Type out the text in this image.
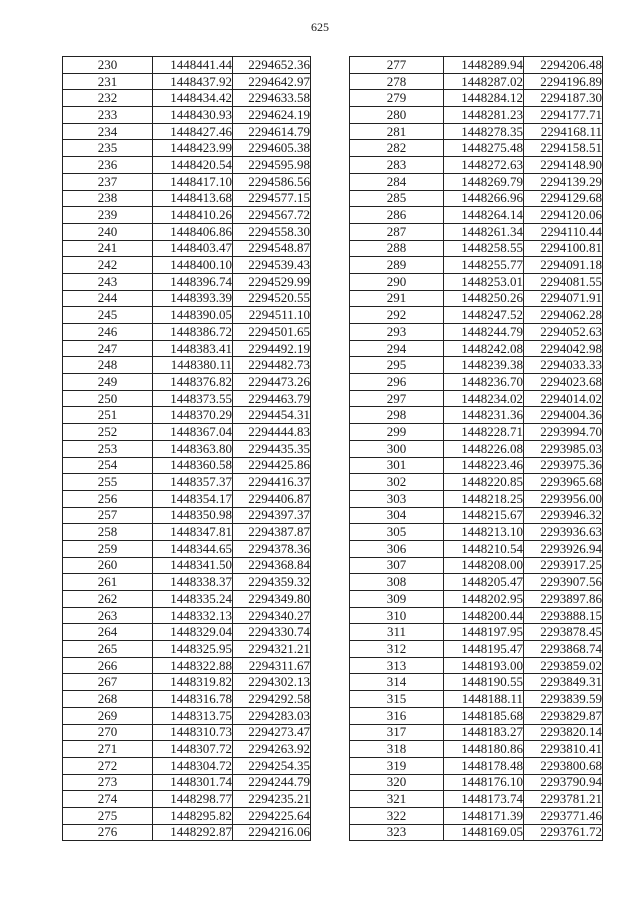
625
230	1448441.44	2294652.36
231	1448437.92	2294642.97
232	1448434.42	2294633.58
233	1448430.93	2294624.19
234	1448427.46	2294614.79
235	1448423.99	2294605.38
236	1448420.54	2294595.98
237	1448417.10	2294586.56
238	1448413.68	2294577.15
239	1448410.26	2294567.72
240	1448406.86	2294558.30
241	1448403.47	2294548.87
242	1448400.10	2294539.43
243	1448396.74	2294529.99
244	1448393.39	2294520.55
245	1448390.05	2294511.10
246	1448386.72	2294501.65
247	1448383.41	2294492.19
248	1448380.11	2294482.73
249	1448376.82	2294473.26
250	1448373.55	2294463.79
251	1448370.29	2294454.31
252	1448367.04	2294444.83
253	1448363.80	2294435.35
254	1448360.58	2294425.86
255	1448357.37	2294416.37
256	1448354.17	2294406.87
257	1448350.98	2294397.37
258	1448347.81	2294387.87
259	1448344.65	2294378.36
260	1448341.50	2294368.84
261	1448338.37	2294359.32
262	1448335.24	2294349.80
263	1448332.13	2294340.27
264	1448329.04	2294330.74
265	1448325.95	2294321.21
266	1448322.88	2294311.67
267	1448319.82	2294302.13
268	1448316.78	2294292.58
269	1448313.75	2294283.03
270	1448310.73	2294273.47
271	1448307.72	2294263.92
272	1448304.72	2294254.35
273	1448301.74	2294244.79
274	1448298.77	2294235.21
275	1448295.82	2294225.64
276	1448292.87	2294216.06
277	1448289.94	2294206.48
278	1448287.02	2294196.89
279	1448284.12	2294187.30
280	1448281.23	2294177.71
281	1448278.35	2294168.11
282	1448275.48	2294158.51
283	1448272.63	2294148.90
284	1448269.79	2294139.29
285	1448266.96	2294129.68
286	1448264.14	2294120.06
287	1448261.34	2294110.44
288	1448258.55	2294100.81
289	1448255.77	2294091.18
290	1448253.01	2294081.55
291	1448250.26	2294071.91
292	1448247.52	2294062.28
293	1448244.79	2294052.63
294	1448242.08	2294042.98
295	1448239.38	2294033.33
296	1448236.70	2294023.68
297	1448234.02	2294014.02
298	1448231.36	2294004.36
299	1448228.71	2293994.70
300	1448226.08	2293985.03
301	1448223.46	2293975.36
302	1448220.85	2293965.68
303	1448218.25	2293956.00
304	1448215.67	2293946.32
305	1448213.10	2293936.63
306	1448210.54	2293926.94
307	1448208.00	2293917.25
308	1448205.47	2293907.56
309	1448202.95	2293897.86
310	1448200.44	2293888.15
311	1448197.95	2293878.45
312	1448195.47	2293868.74
313	1448193.00	2293859.02
314	1448190.55	2293849.31
315	1448188.11	2293839.59
316	1448185.68	2293829.87
317	1448183.27	2293820.14
318	1448180.86	2293810.41
319	1448178.48	2293800.68
320	1448176.10	2293790.94
321	1448173.74	2293781.21
322	1448171.39	2293771.46
323	1448169.05	2293761.72
